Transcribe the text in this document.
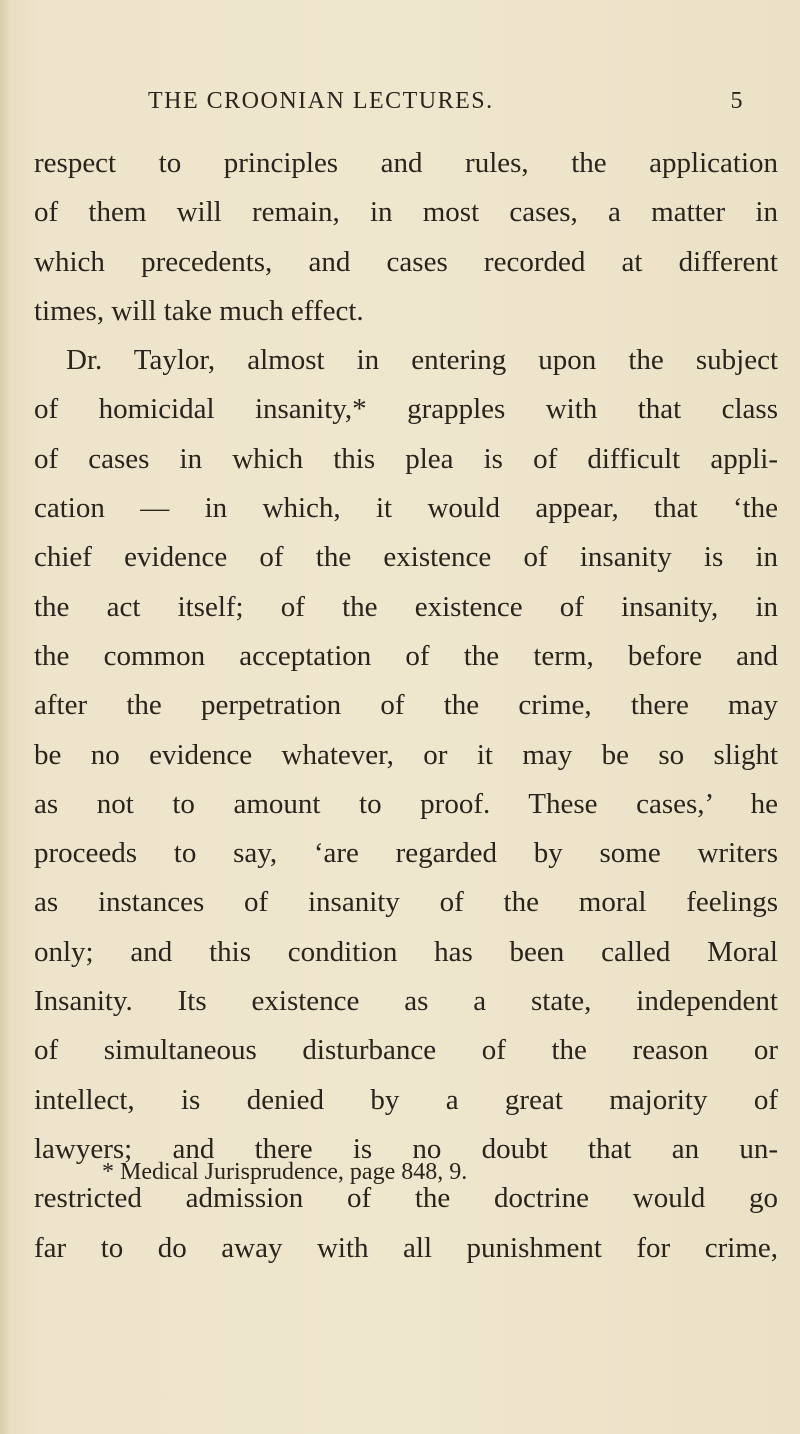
THE CROONIAN LECTURES.	5
respect to principles and rules, the application
of them will remain, in most cases, a matter in
which precedents, and cases recorded at different
times, will take much effect.
Dr. Taylor, almost in entering upon the subject
of homicidal insanity,* grapples with that class
of cases in which this plea is of difficult appli-
cation — in which, it would appear, that ‘the
chief evidence of the existence of insanity is in
the act itself; of the existence of insanity, in
the common acceptation of the term, before and
after the perpetration of the crime, there may
be no evidence whatever, or it may be so slight
as not to amount to proof. These cases,’ he
proceeds to say, ‘are regarded by some writers
as instances of insanity of the moral feelings
only; and this condition has been called Moral
Insanity. Its existence as a state, independent
of simultaneous disturbance of the reason or
intellect, is denied by a great majority of
lawyers; and there is no doubt that an un-
restricted admission of the doctrine would go
far to do away with all punishment for crime,
* Medical Jurisprudence, page 848, 9.
